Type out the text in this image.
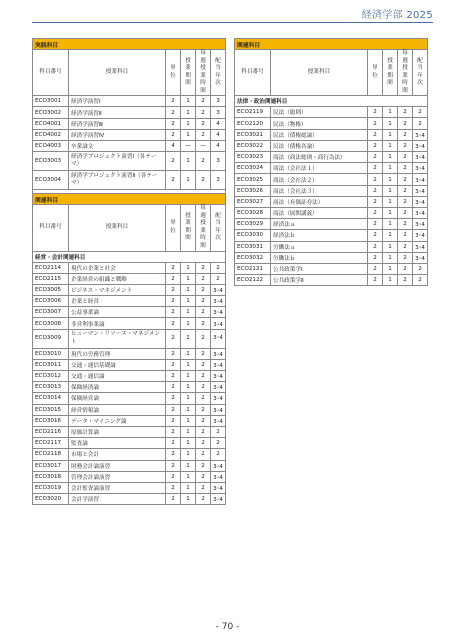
経済学部 2025
実践科目					
科目番号	授業科目	単位	授業期間	毎週授業時間	配当年次
ECO3001	経済学演習Ⅰ	2	1	2	3
ECO3002	経済学演習Ⅱ	2	1	2	3
ECO4001	経済学演習Ⅲ	2	1	2	4
ECO4002	経済学演習Ⅳ	2	1	2	4
ECO4003	卒業論文	4	―	―	4
ECO3003	経済学プロジェクト演習Ⅰ（各テーマ）	2	1	2	3
ECO3004	経済学プロジェクト演習Ⅱ（各テーマ）	2	1	2	3

関連科目					
科目番号	授業科目	単位	授業期間	毎週授業時間	配当年次
経営・会計関連科目					
ECO2114	現代の企業と社会	2	1	2	2
ECO2115	企業経営の組織と戦略	2	1	2	2
ECO3005	ビジネス・マネジメント	2	1	2	3･4
ECO3006	企業と経営	2	1	2	3･4
ECO3007	公益事業論	2	1	2	3･4
ECO3008	非営利事業論	2	1	2	3･4
ECO3009	ヒューマン・リソース・マネジメント	2	1	2	3･4
ECO3010	現代の労務管理	2	1	2	3･4
ECO3011	交通・通信基礎論	2	1	2	3･4
ECO3012	交通・通信論	2	1	2	3･4
ECO3013	保険経済論	2	1	2	3･4
ECO3014	保険経営論	2	1	2	3･4
ECO3015	経営情報論	2	1	2	3･4
ECO3016	データ・マイニング論	2	1	2	3･4
ECO2116	原価計算論	2	1	2	2
ECO2117	監査論	2	1	2	2
ECO2118	市場と会計	2	1	2	2
ECO3017	財務会計論演習	2	1	2	3･4
ECO3018	管理会計論演習	2	1	2	3･4
ECO3019	会計監査論演習	2	1	2	3･4
ECO3020	会計学演習	2	1	2	3･4
関連科目					
科目番号	授業科目	単位	授業期間	毎週授業時間	配当年次
法律・政治関連科目					
ECO2119	民法（総則）	2	1	2	2
ECO2120	民法（物権）	2	1	2	2
ECO3021	民法（債権総論）	2	1	2	3･4
ECO3022	民法（債権各論）	2	1	2	3･4
ECO3023	商法（商法総則・商行為法）	2	1	2	3･4
ECO3024	商法（会社法１）	2	1	2	3･4
ECO3025	商法（会社法２）	2	1	2	3･4
ECO3026	商法（会社法３）	2	1	2	3･4
ECO3027	商法（有価証券法）	2	1	2	3･4
ECO3028	商法（展開講義）	2	1	2	3･4
ECO3029	経済法ａ	2	1	2	3･4
ECO3030	経済法ｂ	2	1	2	3･4
ECO3031	労働法ａ	2	1	2	3･4
ECO3032	労働法ｂ	2	1	2	3･4
ECO2121	公共政策学Ⅰ	2	1	2	2
ECO2122	公共政策学Ⅱ	2	1	2	2
- 70 -
